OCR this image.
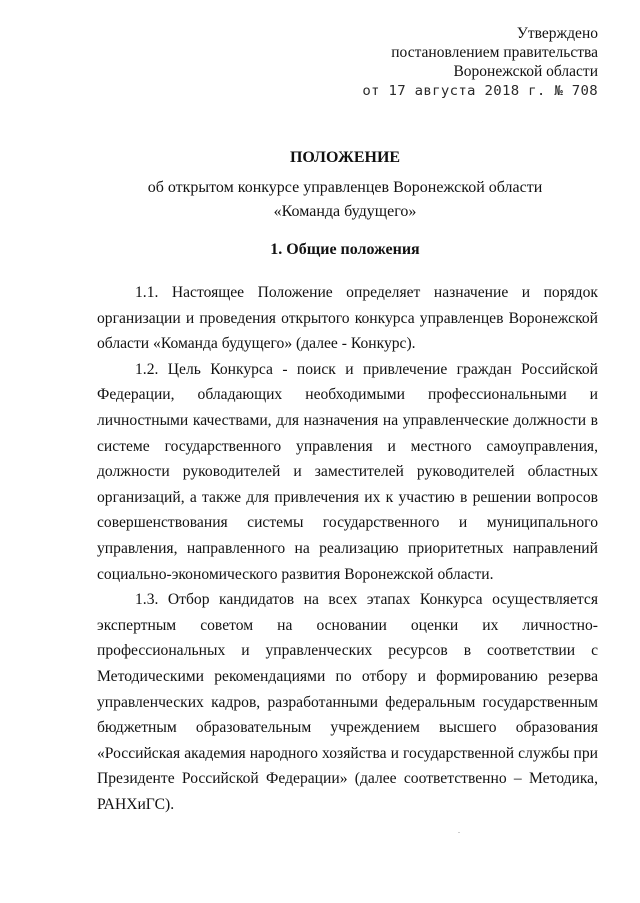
Утверждено
постановлением правительства
Воронежской области
от 17 августа 2018 г. № 708
ПОЛОЖЕНИЕ
об открытом конкурсе управленцев Воронежской области
«Команда будущего»
1. Общие положения

1.1. Настоящее Положение определяет назначение и порядок организации и проведения открытого конкурса управленцев Воронежской области «Команда будущего» (далее - Конкурс).

1.2. Цель Конкурса - поиск и привлечение граждан Российской Федерации, обладающих необходимыми профессиональными и личностными качествами, для назначения на управленческие должности в системе государственного управления и местного самоуправления, должности руководителей и заместителей руководителей областных организаций, а также для привлечения их к участию в решении вопросов совершенствования системы государственного и муниципального управления, направленного на реализацию приоритетных направлений социально-экономического развития Воронежской области.

1.3. Отбор кандидатов на всех этапах Конкурса осуществляется экспертным советом на основании оценки их личностно-профессиональных и управленческих ресурсов в соответствии с Методическими рекомендациями по отбору и формированию резерва управленческих кадров, разработанными федеральным государственным бюджетным образовательным учреждением высшего образования «Российская академия народного хозяйства и государственной службы при Президенте Российской Федерации» (далее соответственно – Методика, РАНХиГС).
